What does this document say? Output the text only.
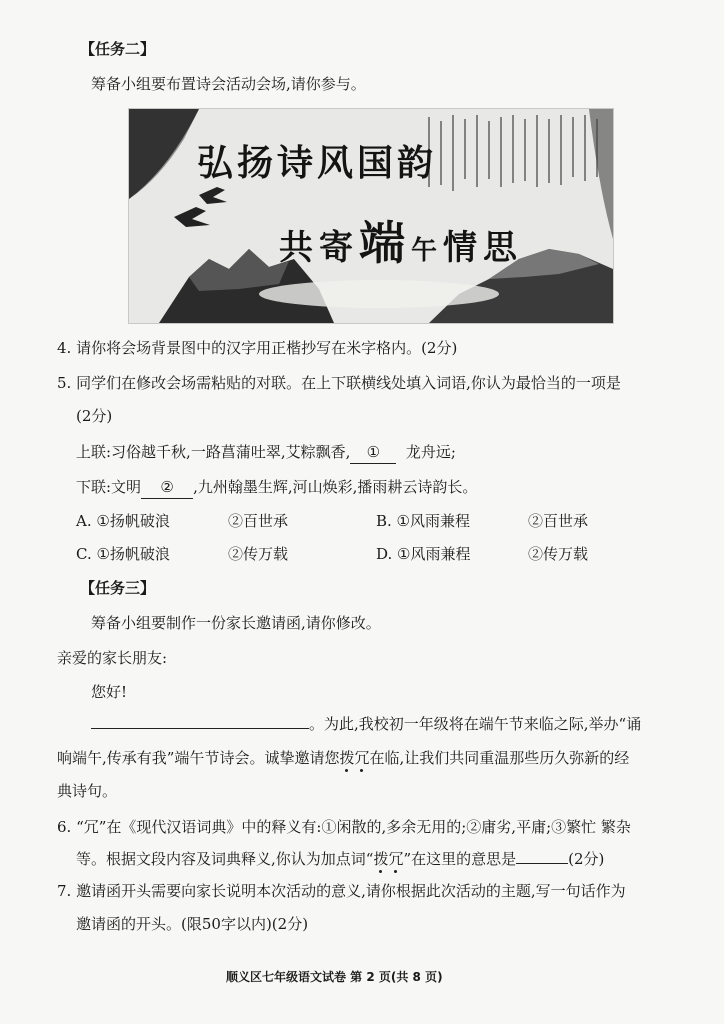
【任务二】
筹备小组要布置诗会活动会场,请你参与。
弘扬诗风国韵
共寄端午情思
4. 请你将会场背景图中的汉字用正楷抄写在米字格内。(2分)
5. 同学们在修改会场需粘贴的对联。在上下联横线处填入词语,你认为最恰当的一项是
(2分)
上联:习俗越千秋,一路菖蒲吐翠,艾粽飘香, ① 龙舟远;
下联:文明 ② ,九州翰墨生辉,河山焕彩,播雨耕云诗韵长。
A. ①扬帆破浪	②百世承	B. ①风雨兼程	②百世承
C. ①扬帆破浪	②传万载	D. ①风雨兼程	②传万载
【任务三】
筹备小组要制作一份家长邀请函,请你修改。
亲爱的家长朋友:
您好!
。为此,我校初一年级将在端午节来临之际,举办“诵
响端午,传承有我”端午节诗会。诚挚邀请您拨冗在临,让我们共同重温那些历久弥新的经
典诗句。
6. “冗”在《现代汉语词典》中的释义有:①闲散的,多余无用的;②庸劣,平庸;③繁忙 繁杂
等。根据文段内容及词典释义,你认为加点词“拨冗”在这里的意思是	(2分)
7. 邀请函开头需要向家长说明本次活动的意义,请你根据此次活动的主题,写一句话作为
邀请函的开头。(限50字以内)(2分)
顺义区七年级语文试卷 第 2 页(共 8 页)
